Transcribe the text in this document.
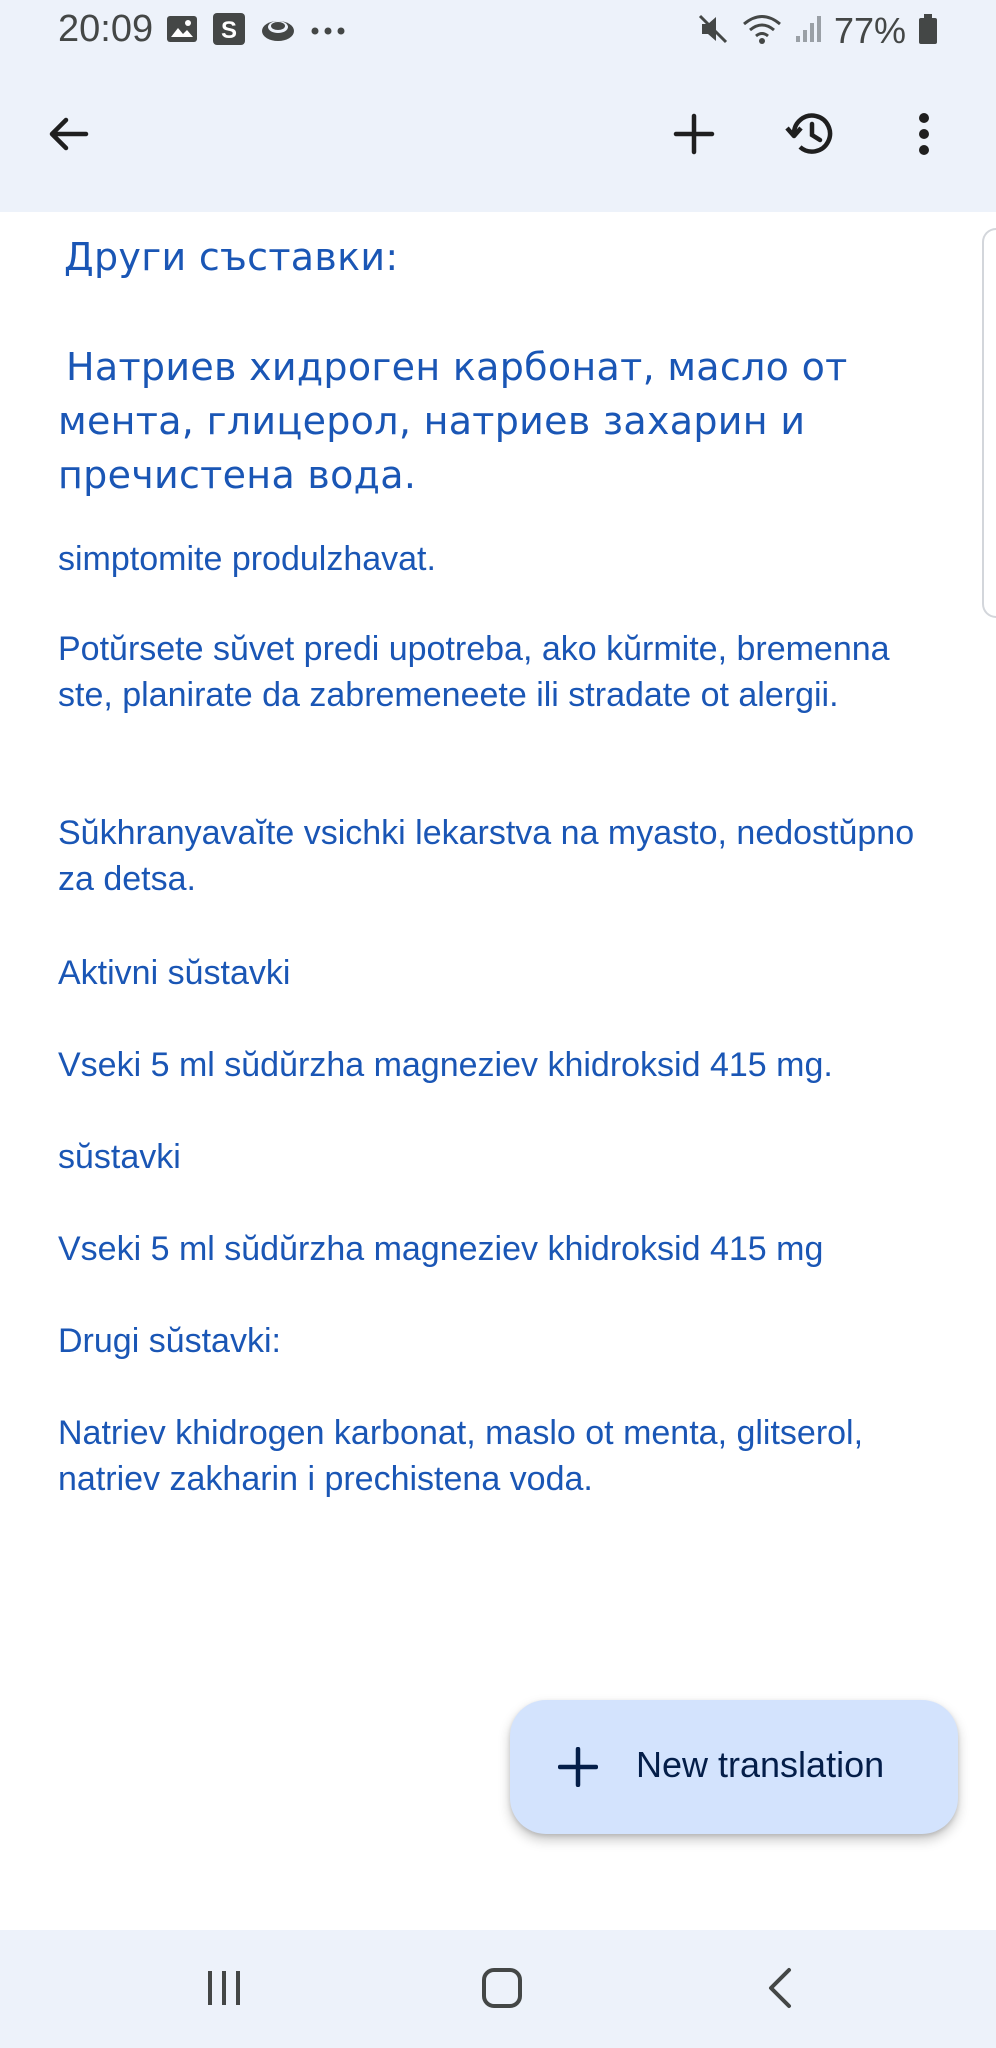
20:09	S	77%
Други съставки:
Натриев хидроген карбонат, масло от мента, глицерол, натриев захарин и пречистена вода.
simptomite produlzhavat.
Potŭrsete sŭvet predi upotreba, ako kŭrmite, bremenna ste, planirate da zabremeneete ili stradate ot alergii.
Sŭkhranyavaĭte vsichki lekarstva na myasto, nedostŭpno za detsa.
Aktivni sŭstavki
Vseki 5 ml sŭdŭrzha magneziev khidroksid 415 mg.
sŭstavki
Vseki 5 ml sŭdŭrzha magneziev khidroksid 415 mg
Drugi sŭstavki:
Natriev khidrogen karbonat, maslo ot menta, glitserol, natriev zakharin i prechistena voda.
New translation
